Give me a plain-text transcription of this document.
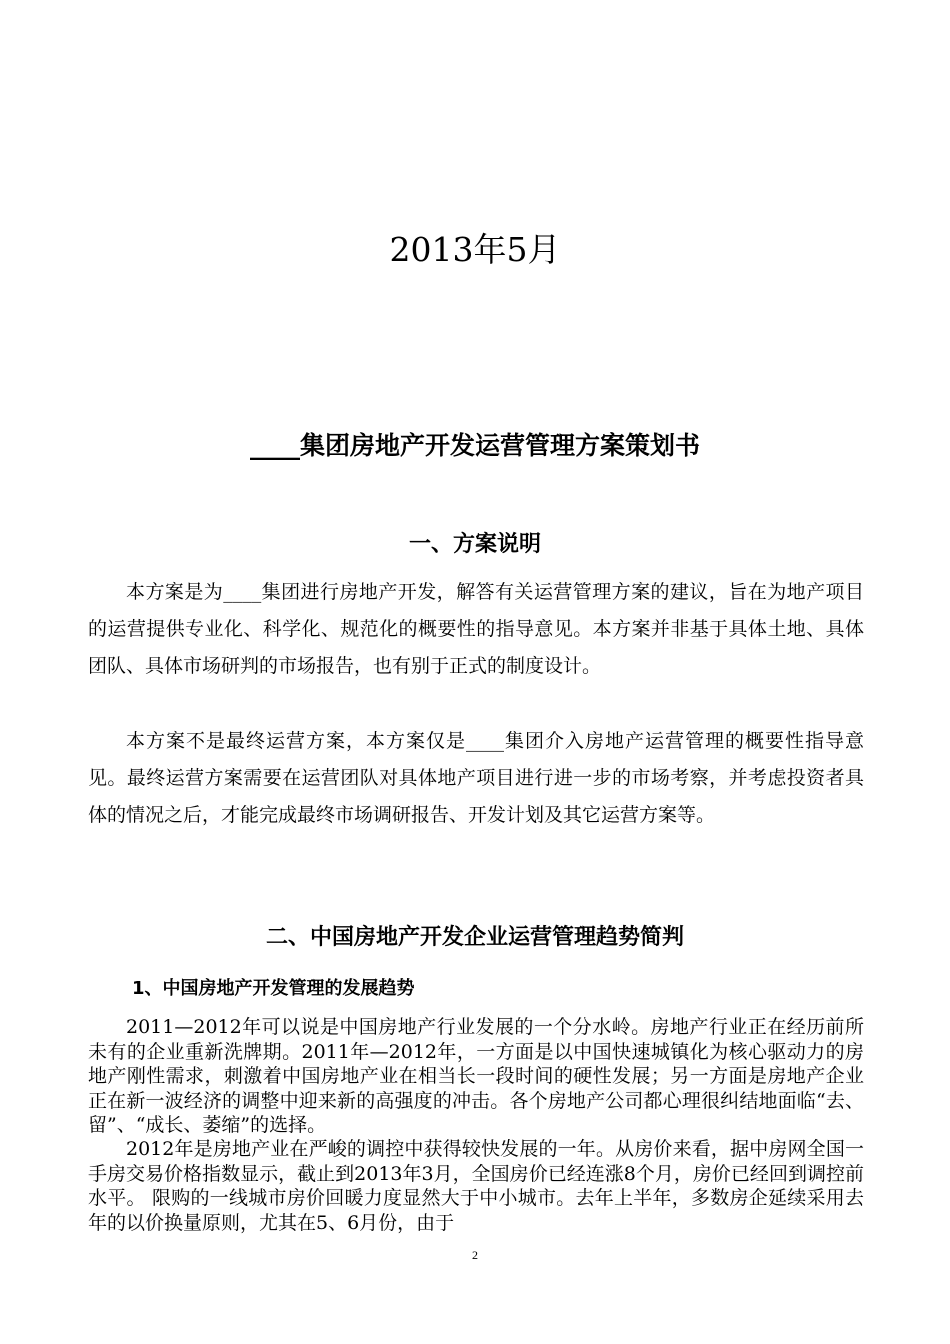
2013年5月
____集团房地产开发运营管理方案策划书
一、方案说明

本方案是为____集团进行房地产开发，解答有关运营管理方案的建议，旨在为地产项目的运营提供专业化、科学化、规范化的概要性的指导意见。本方案并非基于具体土地、具体团队、具体市场研判的市场报告，也有别于正式的制度设计。

本方案不是最终运营方案，本方案仅是____集团介入房地产运营管理的概要性指导意见。最终运营方案需要在运营团队对具体地产项目进行进一步的市场考察，并考虑投资者具体的情况之后，才能完成最终市场调研报告、开发计划及其它运营方案等。

二、中国房地产开发企业运营管理趋势简判
1、中国房地产开发管理的发展趋势

2011—2012年可以说是中国房地产行业发展的一个分水岭。房地产行业正在经历前所未有的企业重新洗牌期。2011年—2012年，一方面是以中国快速城镇化为核心驱动力的房地产刚性需求，刺激着中国房地产业在相当长一段时间的硬性发展；另一方面是房地产企业正在新一波经济的调整中迎来新的高强度的冲击。各个房地产公司都心理很纠结地面临“去、留”、“成长、萎缩”的选择。

2012年是房地产业在严峻的调控中获得较快发展的一年。从房价来看，据中房网全国一手房交易价格指数显示，截止到2013年3月，全国房价已经连涨8个月，房价已经回到调控前水平。 限购的一线城市房价回暖力度显然大于中小城市。去年上半年，多数房企延续采用去年的以价换量原则，尤其在5、6月份，由于

2
